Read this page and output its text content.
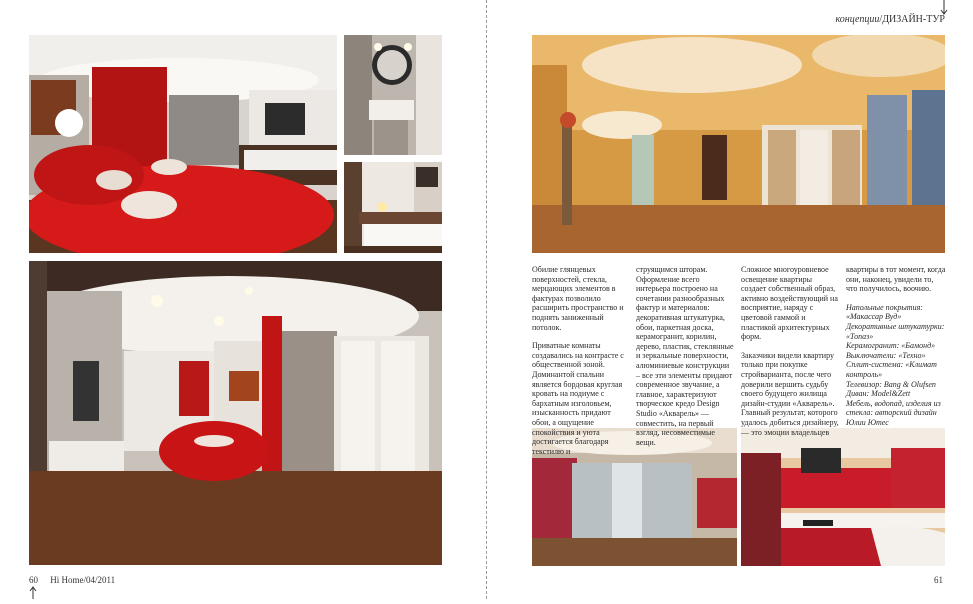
концепции/ДИЗАЙН-ТУР

Обилие глянцевых поверхностей, стекла, мерцающих элементов в фактурах позволило расширить пространство и поднять заниженный потолок.

Приватные комнаты создавались на контрасте с общественной зоной. Доминантой спальни является бордовая круглая кровать на подиуме с бархатным изголовьем, изысканность придают обои, а ощущение спокойствия и уюта достигается благодаря текстилю и

струящимся шторам. Оформление всего интерьера построено на сочетании разнообразных фактур и материалов: декоративная штукатурка, обои, паркетная доска, керамогранит, корилин, дерево, пластик, стеклянные и зеркальные поверхности, алюминиевые конструкции – все эти элементы придают современное звучание, а главное, характеризуют творческое кредо Design Studio «Акварель» — совместить, на первый взгляд, несовместимые вещи.

Сложное многоуровневое освещение квартиры создает собственный образ, активно воздействующий на восприятие, наряду с цветовой гаммой и пластикой архитектурных форм.

Заказчики видели квартиру только при покупке стройварианта, после чего доверили вершить судьбу своего будущего жилища дизайн-студии «Акварель». Главный результат, которого удалось добиться дизайнеру, — это эмоции владельцев

квартиры в тот момент, когда они, наконец, увидели то, что получилось, воочию.

Напольные покрытия: «Макассар Вуд»
Декоративные штукатурки: «Топаз»
Керамогранит: «Бамонд»
Выключатели: «Техно»
Сплит-система: «Климат контроль»
Телевизор: Bang & Olufsen
Диван: Model&Zett
Мебель, водопад, изделия из стекла: авторский дизайн Юлии Ютес
60 Hi Home/04/2011	61
